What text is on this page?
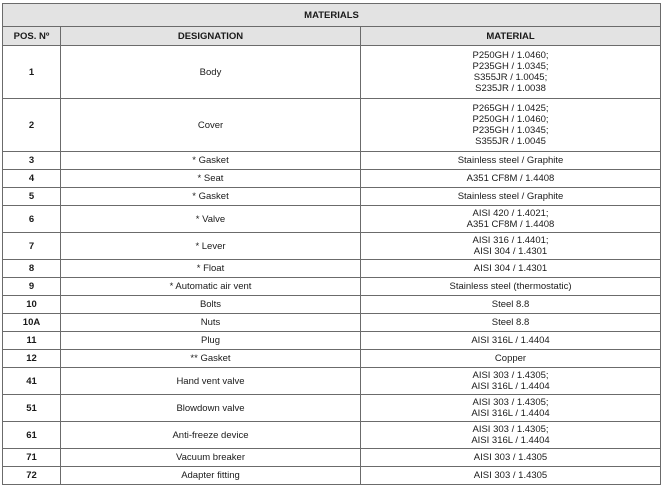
MATERIALS		
POS. Nº	DESIGNATION	MATERIAL
1	Body	P250GH / 1.0460;
P235GH / 1.0345;
S355JR / 1.0045;
S235JR / 1.0038

2	Cover	P265GH / 1.0425;
P250GH / 1.0460;
P235GH / 1.0345;
S355JR / 1.0045

3	* Gasket	Stainless steel / Graphite

4	* Seat	A351 CF8M / 1.4408

5	* Gasket	Stainless steel / Graphite

6	* Valve	AISI 420 / 1.4021;
A351 CF8M / 1.4408

7	* Lever	AISI 316 / 1.4401;
AISI 304 / 1.4301

8	* Float	AISI 304 / 1.4301

9	* Automatic air vent	Stainless steel (thermostatic)

10	Bolts	Steel 8.8

10A	Nuts	Steel 8.8

11	Plug	AISI 316L / 1.4404

12	** Gasket	Copper

41	Hand vent valve	AISI 303 / 1.4305;
AISI 316L / 1.4404

51	Blowdown valve	AISI 303 / 1.4305;
AISI 316L / 1.4404

61	Anti-freeze device	AISI 303 / 1.4305;
AISI 316L / 1.4404

71	Vacuum breaker	AISI 303 / 1.4305

72	Adapter fitting	AISI 303 / 1.4305
